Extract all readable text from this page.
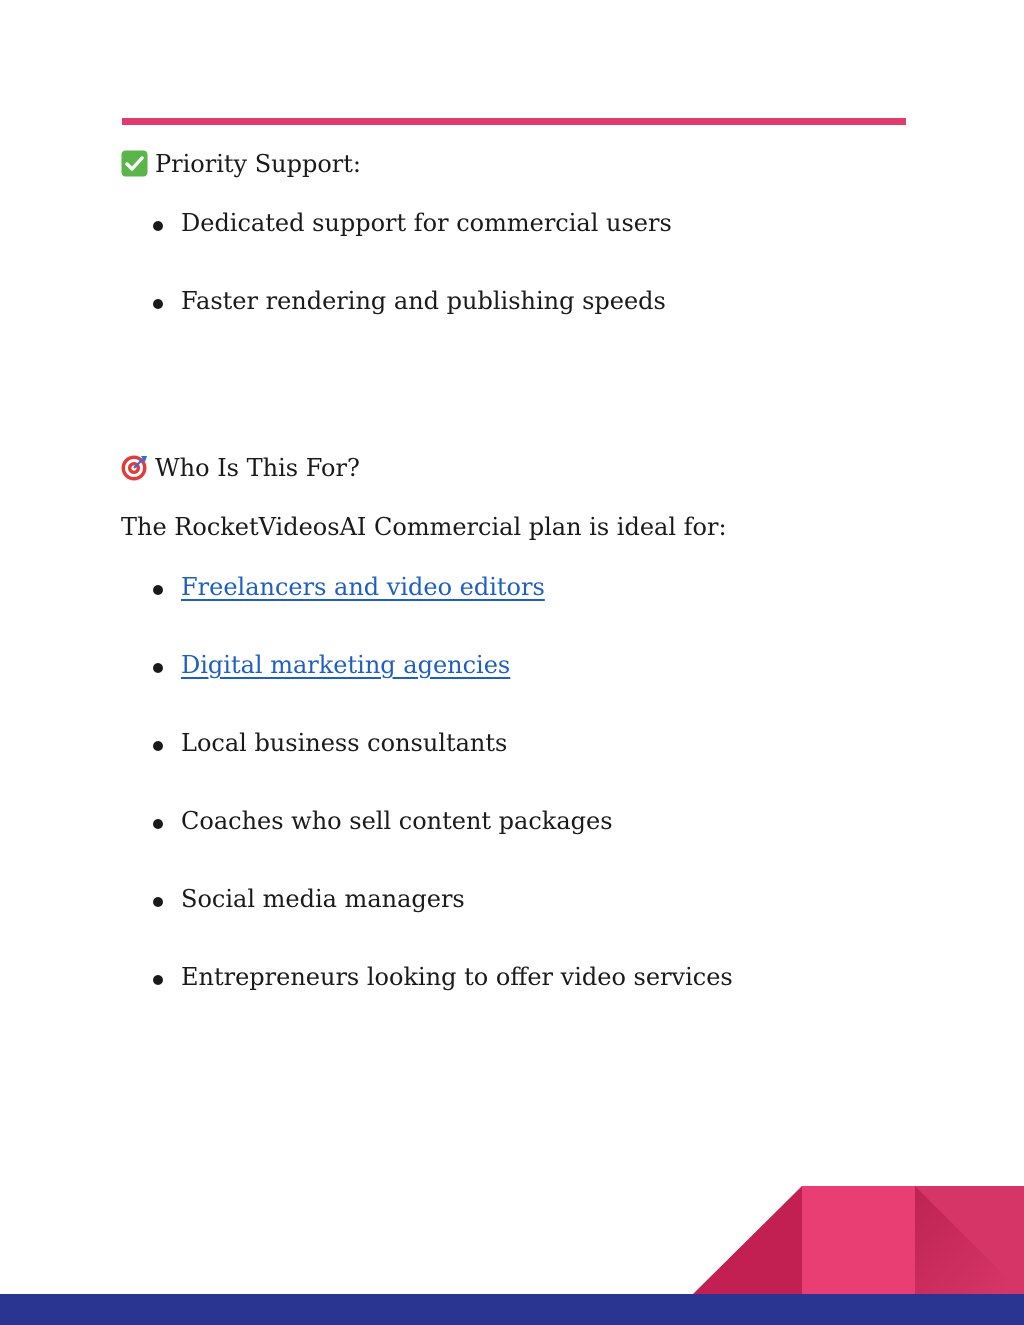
Priority Support:
Dedicated support for commercial users
Faster rendering and publishing speeds
Who Is This For?
The RocketVideosAI Commercial plan is ideal for:
Freelancers and video editors
Digital marketing agencies
Local business consultants
Coaches who sell content packages
Social media managers
Entrepreneurs looking to offer video services
